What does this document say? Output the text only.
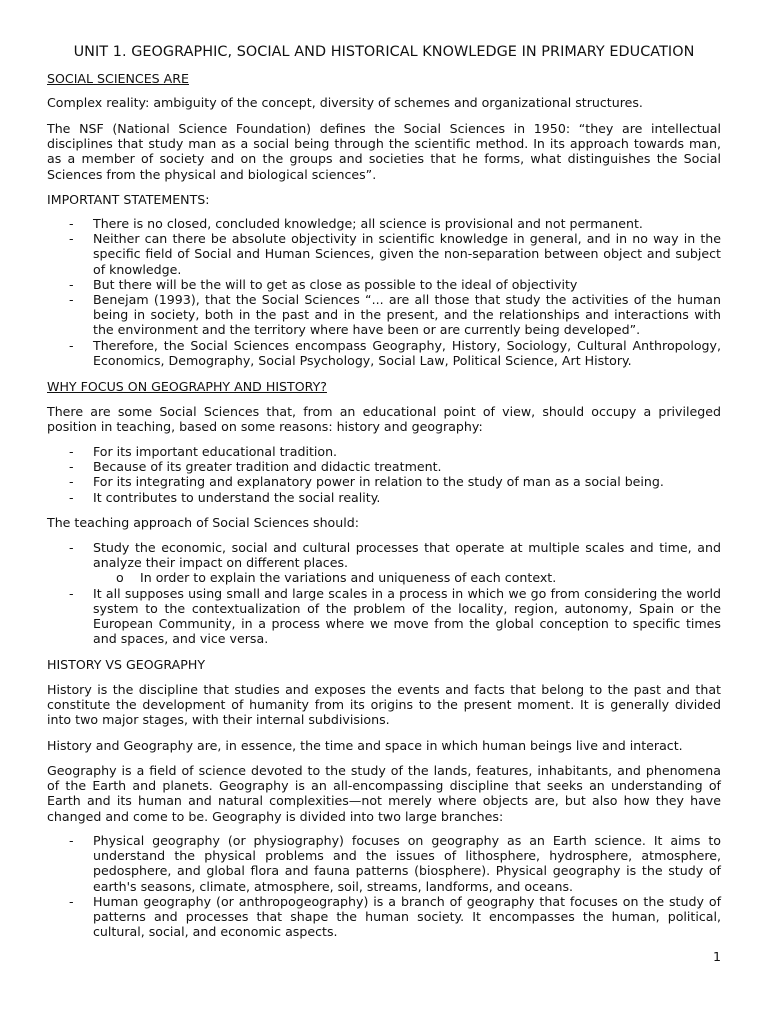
UNIT 1. GEOGRAPHIC, SOCIAL AND HISTORICAL KNOWLEDGE IN PRIMARY EDUCATION
SOCIAL SCIENCES ARE

Complex reality: ambiguity of the concept, diversity of schemes and organizational structures.

The NSF (National Science Foundation) defines the Social Sciences in 1950: “they are intellectual disciplines that study man as a social being through the scientific method. In its approach towards man, as a member of society and on the groups and societies that he forms, what distinguishes the Social Sciences from the physical and biological sciences”.

IMPORTANT STATEMENTS:
- There is no closed, concluded knowledge; all science is provisional and not permanent.
- Neither can there be absolute objectivity in scientific knowledge in general, and in no way in the specific field of Social and Human Sciences, given the non-separation between object and subject of knowledge.
- But there will be the will to get as close as possible to the ideal of objectivity
- Benejam (1993), that the Social Sciences “... are all those that study the activities of the human being in society, both in the past and in the present, and the relationships and interactions with the environment and the territory where have been or are currently being developed”.
- Therefore, the Social Sciences encompass Geography, History, Sociology, Cultural Anthropology, Economics, Demography, Social Psychology, Social Law, Political Science, Art History.
WHY FOCUS ON GEOGRAPHY AND HISTORY?

There are some Social Sciences that, from an educational point of view, should occupy a privileged position in teaching, based on some reasons: history and geography:

- For its important educational tradition.
- Because of its greater tradition and didactic treatment.
- For its integrating and explanatory power in relation to the study of man as a social being.
- It contributes to understand the social reality.

The teaching approach of Social Sciences should:

- Study the economic, social and cultural processes that operate at multiple scales and time, and analyze their impact on different places.
o In order to explain the variations and uniqueness of each context.
- It all supposes using small and large scales in a process in which we go from considering the world system to the contextualization of the problem of the locality, region, autonomy, Spain or the European Community, in a process where we move from the global conception to specific times and spaces, and vice versa.
HISTORY VS GEOGRAPHY

History is the discipline that studies and exposes the events and facts that belong to the past and that constitute the development of humanity from its origins to the present moment. It is generally divided into two major stages, with their internal subdivisions.

History and Geography are, in essence, the time and space in which human beings live and interact.

Geography is a field of science devoted to the study of the lands, features, inhabitants, and phenomena of the Earth and planets. Geography is an all-encompassing discipline that seeks an understanding of Earth and its human and natural complexities—not merely where objects are, but also how they have changed and come to be. Geography is divided into two large branches:

- Physical geography (or physiography) focuses on geography as an Earth science. It aims to understand the physical problems and the issues of lithosphere, hydrosphere, atmosphere, pedosphere, and global flora and fauna patterns (biosphere). Physical geography is the study of earth's seasons, climate, atmosphere, soil, streams, landforms, and oceans.
- Human geography (or anthropogeography) is a branch of geography that focuses on the study of patterns and processes that shape the human society. It encompasses the human, political, cultural, social, and economic aspects.
1
